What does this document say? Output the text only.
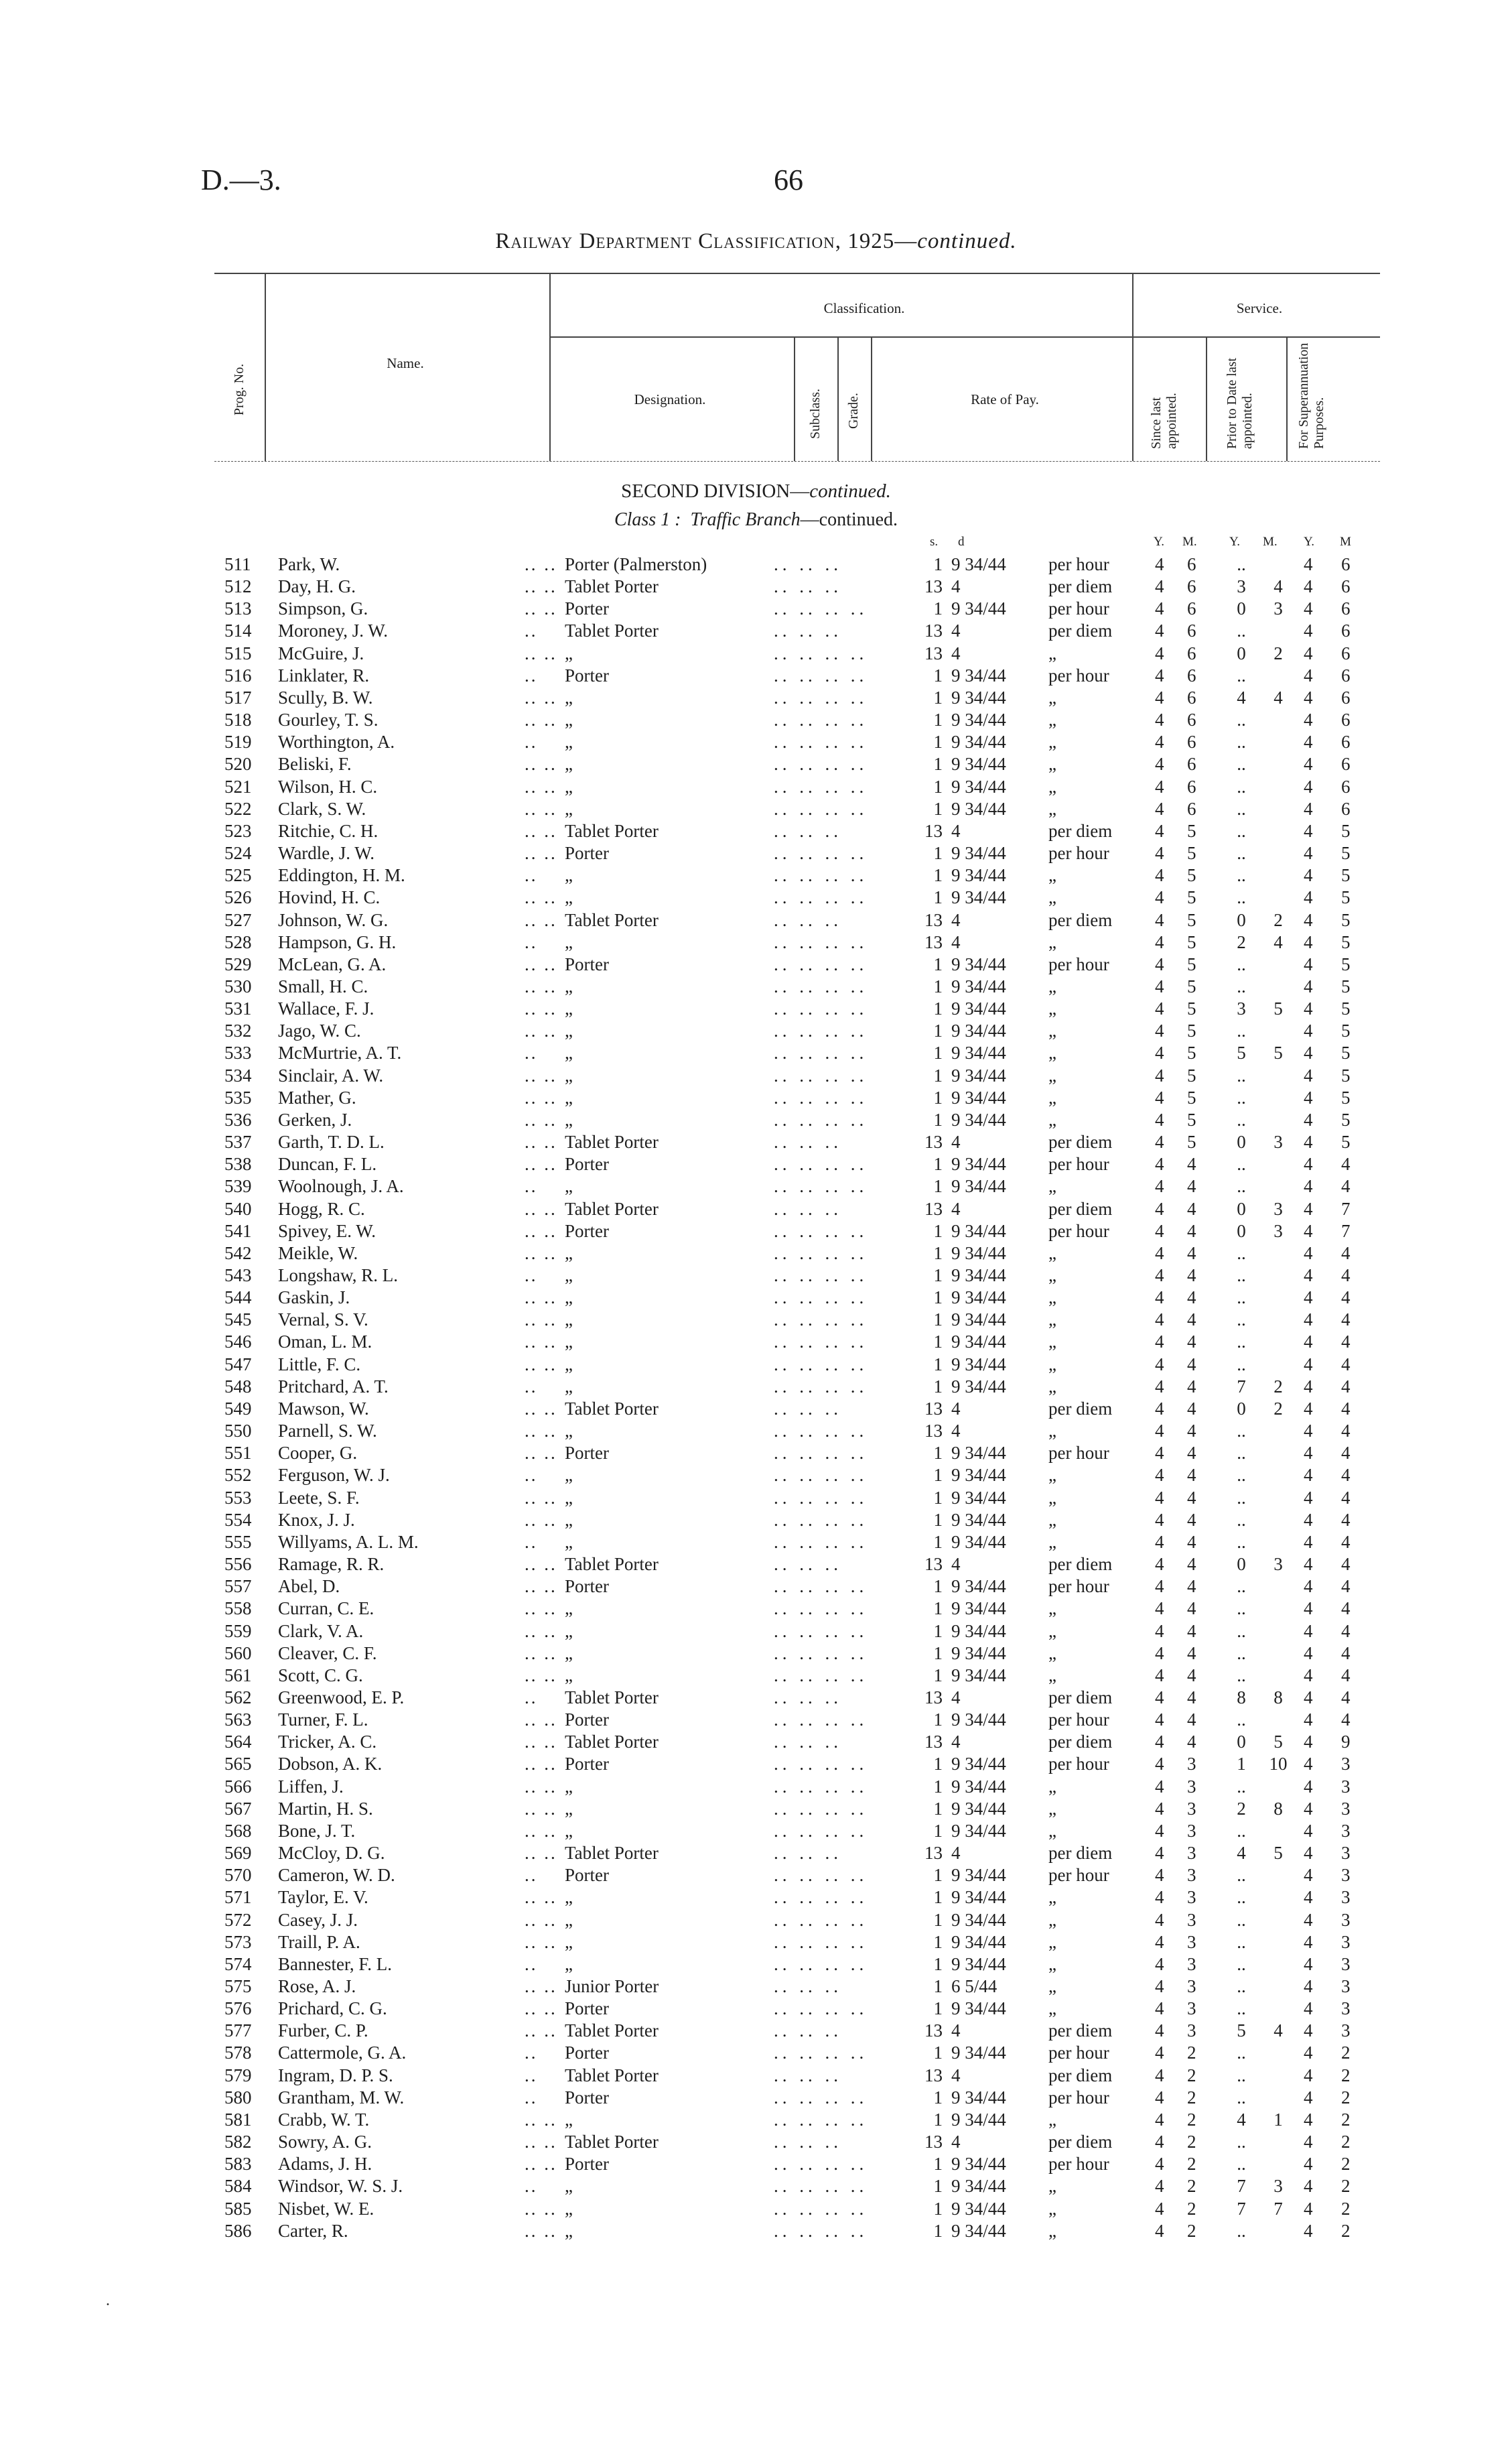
D.—3.	66
Railway Department Classification, 1925—continued.
Prog. No.
Name.
Classification.
Designation.	Subclass. Grade.	Rate of Pay.
Service.
Since last appointed.	Prior to Date last appointed.	For Superannuation Purposes.
SECOND DIVISION—continued.
Class 1 : Traffic Branch—continued.
s. d	Y. M.	Y. M. Y. M
511 Park, W.	.. .. Porter (Palmerston)	.. .. ..	1 9 34/44 per hour	4 6	..	4 6
512 Day, H. G.	.. .. Tablet Porter	.. .. ..	13 4	per diem 4 6	3	4	4 6
513 Simpson, G.	.. .. Porter	.. .. .. ..	1 9 34/44 per hour	4 6	0	3	4 6
514 Moroney, J. W.	.. Tablet Porter	.. .. ..	13 4	per diem 4 6	..	4 6
515 McGuire, J.	.. .. „	.. .. .. ..	13 4	„	4 6	0	2	4 6
516 Linklater, R.	.. Porter	.. .. .. ..	1 9 34/44 per hour	4 6	..	4 6
517 Scully, B. W.	.. .. „	.. .. .. ..	1 9 34/44 „	4 6	4	4	4 6
518 Gourley, T. S.	.. .. „	.. .. .. ..	1 9 34/44 „	4 6	..	4 6
519 Worthington, A.	.. „	.. .. .. ..	1 9 34/44 „	4 6	..	4 6
520 Beliski, F.	.. .. „	.. .. .. ..	1 9 34/44 „	4 6	..	4 6
521 Wilson, H. C.	.. .. „	.. .. .. ..	1 9 34/44 „	4 6	..	4 6
522 Clark, S. W.	.. .. „	.. .. .. ..	1 9 34/44 „	4 6	..	4 6
523 Ritchie, C. H.	.. .. Tablet Porter	.. .. ..	13 4	per diem 4 5	..	4 5
524 Wardle, J. W.	.. .. Porter	.. .. .. ..	1 9 34/44 per hour	4 5	..	4 5
525 Eddington, H. M.	.. „	.. .. .. ..	1 9 34/44 „	4 5	..	4 5
526 Hovind, H. C.	.. .. „	.. .. .. ..	1 9 34/44 „	4 5	..	4 5
527 Johnson, W. G.	.. .. Tablet Porter	.. .. ..	13 4	per diem 4 5	0	2	4 5
528 Hampson, G. H.	.. „	.. .. .. ..	13 4	„	4 5	2	4	4 5
529 McLean, G. A.	.. .. Porter	.. .. .. ..	1 9 34/44 per hour	4 5	..	4 5
530 Small, H. C.	.. .. „	.. .. .. ..	1 9 34/44 „	4 5	..	4 5
531 Wallace, F. J.	.. .. „	.. .. .. ..	1 9 34/44 „	4 5	3	5	4 5
532 Jago, W. C.	.. .. „	.. .. .. ..	1 9 34/44 „	4 5	..	4 5
533 McMurtrie, A. T.	.. „	.. .. .. ..	1 9 34/44 „	4 5	5	5	4 5
534 Sinclair, A. W.	.. .. „	.. .. .. ..	1 9 34/44 „	4 5	..	4 5
535 Mather, G.	.. .. „	.. .. .. ..	1 9 34/44 „	4 5	..	4 5
536 Gerken, J.	.. .. „	.. .. .. ..	1 9 34/44 „	4 5	..	4 5
537 Garth, T. D. L.	.. .. Tablet Porter	.. .. ..	13 4	per diem 4 5	0	3	4 5
538 Duncan, F. L.	.. .. Porter	.. .. .. ..	1 9 34/44 per hour	4 4	..	4 4
539 Woolnough, J. A.	.. „	.. .. .. ..	1 9 34/44 „	4 4	..	4 4
540 Hogg, R. C.	.. .. Tablet Porter	.. .. ..	13 4	per diem 4 4	0	3	4 7
541 Spivey, E. W.	.. .. Porter	.. .. .. ..	1 9 34/44 per hour	4 4	0	3	4 7
542 Meikle, W.	.. .. „	.. .. .. ..	1 9 34/44 „	4 4	..	4 4
543 Longshaw, R. L.	.. „	.. .. .. ..	1 9 34/44 „	4 4	..	4 4
544 Gaskin, J.	.. .. „	.. .. .. ..	1 9 34/44 „	4 4	..	4 4
545 Vernal, S. V.	.. .. „	.. .. .. ..	1 9 34/44 „	4 4	..	4 4
546 Oman, L. M.	.. .. „	.. .. .. ..	1 9 34/44 „	4 4	..	4 4
547 Little, F. C.	.. .. „	.. .. .. ..	1 9 34/44 „	4 4	..	4 4
548 Pritchard, A. T.	.. „	.. .. .. ..	1 9 34/44 „	4 4	7	2	4 4
549 Mawson, W.	.. .. Tablet Porter	.. .. ..	13 4	per diem 4 4	0	2	4 4
550 Parnell, S. W.	.. .. „	.. .. .. ..	13 4	„	4 4	..	4 4
551 Cooper, G.	.. .. Porter	.. .. .. ..	1 9 34/44 per hour	4 4	..	4 4
552 Ferguson, W. J.	.. „	.. .. .. ..	1 9 34/44 „	4 4	..	4 4
553 Leete, S. F.	.. .. „	.. .. .. ..	1 9 34/44 „	4 4	..	4 4
554 Knox, J. J.	.. .. „	.. .. .. ..	1 9 34/44 „	4 4	..	4 4
555 Willyams, A. L. M.	.. „	.. .. .. ..	1 9 34/44 „	4 4	..	4 4
556 Ramage, R. R.	.. .. Tablet Porter	.. .. ..	13 4	per diem 4 4	0	3	4 4
557 Abel, D.	.. .. Porter	.. .. .. ..	1 9 34/44 per hour	4 4	..	4 4
558 Curran, C. E.	.. .. „	.. .. .. ..	1 9 34/44 „	4 4	..	4 4
559 Clark, V. A.	.. .. „	.. .. .. ..	1 9 34/44 „	4 4	..	4 4
560 Cleaver, C. F.	.. .. „	.. .. .. ..	1 9 34/44 „	4 4	..	4 4
561 Scott, C. G.	.. .. „	.. .. .. ..	1 9 34/44 „	4 4	..	4 4
562 Greenwood, E. P.	.. Tablet Porter	.. .. ..	13 4	per diem 4 4	8	8	4 4
563 Turner, F. L.	.. .. Porter	.. .. .. ..	1 9 34/44 per hour	4 4	..	4 4
564 Tricker, A. C.	.. .. Tablet Porter	.. .. ..	13 4	per diem 4 4	0	5	4 9
565 Dobson, A. K.	.. .. Porter	.. .. .. ..	1 9 34/44 per hour	4 3	1	10 4 3
566 Liffen, J.	.. .. „	.. .. .. ..	1 9 34/44 „	4 3	..	4 3
567 Martin, H. S.	.. .. „	.. .. .. ..	1 9 34/44 „	4 3	2	8	4 3
568 Bone, J. T.	.. .. „	.. .. .. ..	1 9 34/44 „	4 3	..	4 3
569 McCloy, D. G.	.. .. Tablet Porter	.. .. ..	13 4	per diem 4 3	4	5	4 3
570 Cameron, W. D.	.. Porter	.. .. .. ..	1 9 34/44 per hour	4 3	..	4 3
571 Taylor, E. V.	.. .. „	.. .. .. ..	1 9 34/44 „	4 3	..	4 3
572 Casey, J. J.	.. .. „	.. .. .. ..	1 9 34/44 „	4 3	..	4 3
573 Traill, P. A.	.. .. „	.. .. .. ..	1 9 34/44 „	4 3	..	4 3
574 Bannester, F. L.	.. „	.. .. .. ..	1 9 34/44 „	4 3	..	4 3
575 Rose, A. J.	.. .. Junior Porter	.. .. ..	1 6 5/44	„	4 3	..	4 3
576 Prichard, C. G.	.. .. Porter	.. .. .. ..	1 9 34/44 „	4 3	..	4 3
577 Furber, C. P.	.. .. Tablet Porter	.. .. ..	13 4	per diem 4 3	5	4	4 3
578 Cattermole, G. A.	.. Porter	.. .. .. ..	1 9 34/44 per hour	4 2	..	4 2
579 Ingram, D. P. S.	.. Tablet Porter	.. .. ..	13 4	per diem 4 2	..	4 2
580 Grantham, M. W.	.. Porter	.. .. .. ..	1 9 34/44 per hour	4 2	..	4 2
581 Crabb, W. T.	.. .. „	.. .. .. ..	1 9 34/44 „	4 2	4	1	4 2
582 Sowry, A. G.	.. .. Tablet Porter	.. .. ..	13 4	per diem 4 2	..	4 2
583 Adams, J. H.	.. .. Porter	.. .. .. ..	1 9 34/44 per hour	4 2	..	4 2
584 Windsor, W. S. J.	.. „	.. .. .. ..	1 9 34/44 „	4 2	7	3	4 2
585 Nisbet, W. E.	.. .. „	.. .. .. ..	1 9 34/44 „	4 2	7	7	4 2
586 Carter, R.	.. .. „	.. .. .. ..	1 9 34/44 „	4 2	..	4 2
.
